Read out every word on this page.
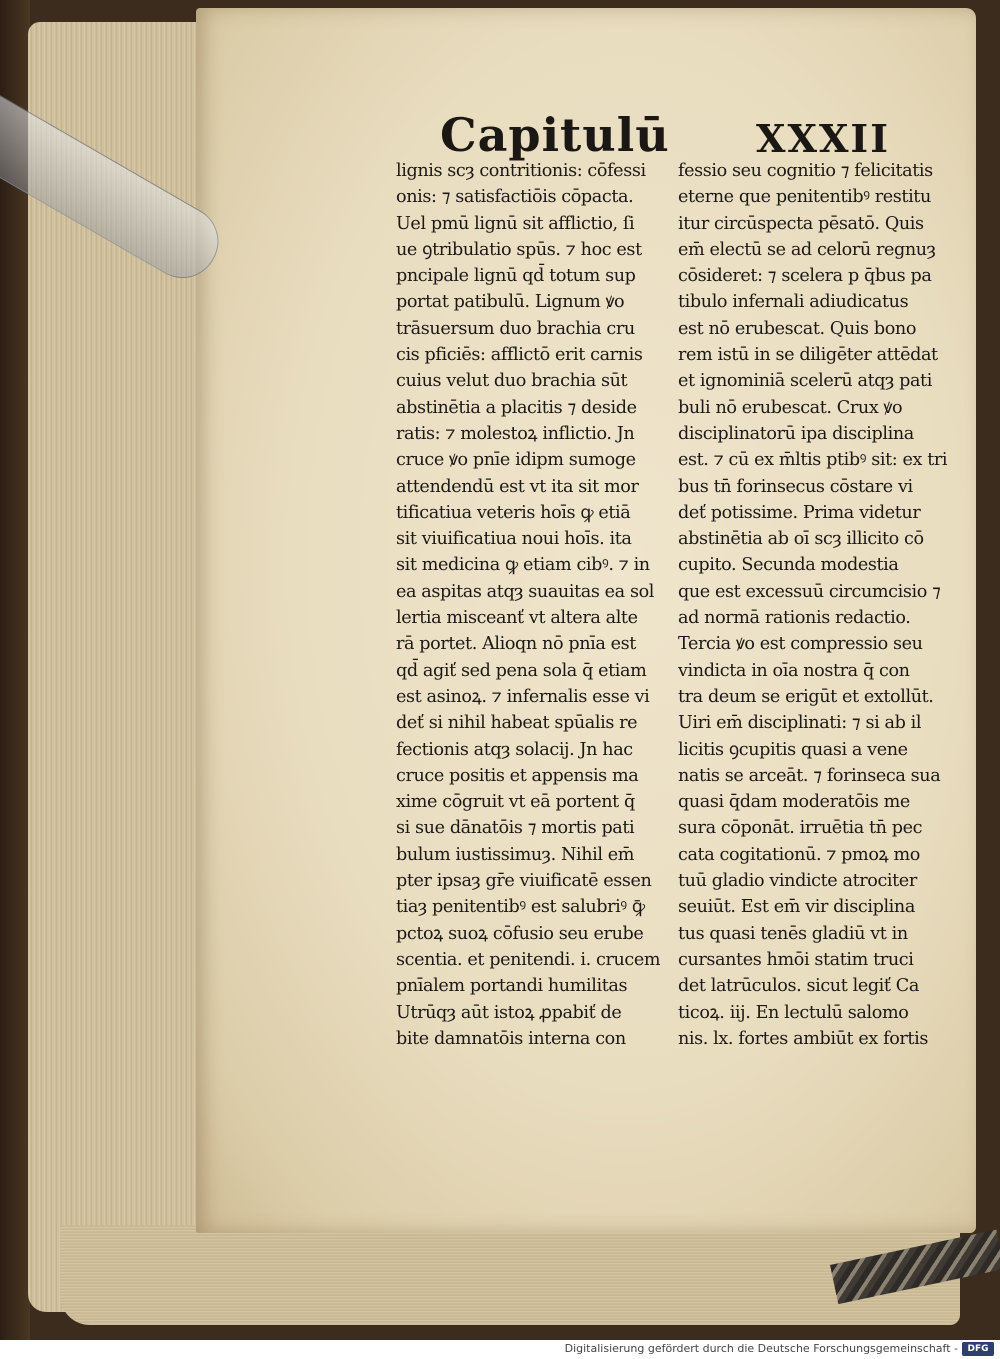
Capitulū XXXII
lignis scȝ contritionis: cōfessi
onis: ⁊ satisfactiōis cōpacta.
Uel pmū lignū sit afflictio, ſi
ue ꝯtribulatio spūs. ⁊ hoc est
pncipale lignū qd̄ totum sup
portat patibulū. Lignum ꝟo
trāsuersum duo brachia cru
cis pficiēs: afflictō erit carnis
cuius velut duo brachia sūt
abstinētia a placitis ⁊ deside
ratis: ⁊ molestoꝝ inflictio. Jn
cruce ꝟo pnīe idipm sumoge
attendendū est vt ita sit mor
tificatiua veteris hoīs ꝙ etiā
sit viuificatiua noui hoīs. ita
sit medicina ꝙ etiam cibꝰ. ⁊ in
ea aspitas atqȝ suauitas ea sol
lertia misceanť vt altera alte
rā portet. Alioqn nō pnīa est
qd̄ agiť sed pena sola q̄ etiam
est asinoꝝ. ⁊ infernalis esse vi
deť si nihil habeat spūalis re
fectionis atqȝ solacij. Jn hac
cruce positis et appensis ma
xime cōgruit vt eā portent q̄
si sue dānatōis ⁊ mortis pati
bulum iustissimuȝ. Nihil em̄
pter ipsaȝ gr̄e viuificatē essen
tiaȝ penitentibꝰ est salubriꝰ ꝙ̄
pctoꝝ suoꝝ cōfusio seu erube
scentia. et penitendi. i. crucem
pnīalem portandi humilitas
Utrūqȝ aūt istoꝝ ꝓpabiť de
bite damnatōis interna con
fessio seu cognitio ⁊ felicitatis
eterne que penitentibꝰ restitu
itur circūspecta pēsatō. Quis
em̄ electū se ad celorū regnuȝ
cōsideret: ⁊ scelera p q̄bus pa
tibulo infernali adiudicatus
est nō erubescat. Quis bono
rem istū in se diligēter attēdat
et ignominiā scelerū atqȝ pati
buli nō erubescat. Crux ꝟo
disciplinatorū ipa disciplina
est. ⁊ cū ex m̄ltis ptibꝰ sit: ex tri
bus tn̄ forinsecus cōstare vi
deť potissime. Prima videtur
abstinētia ab oī scȝ illicito cō
cupito. Secunda modestia
que est excessuū circumcisio ⁊
ad normā rationis redactio.
Tercia ꝟo est compressio seu
vindicta in oīa nostra q̄ con
tra deum se erigūt et extollūt.
Uiri em̄ disciplinati: ⁊ si ab il
licitis ꝯcupitis quasi a vene
natis se arceāt. ⁊ forinseca sua
quasi q̄dam moderatōis me
sura cōponāt. irruētia tn̄ pec
cata cogitationū. ⁊ pmoꝝ mo
tuū gladio vindicte atrociter
seuiūt. Est em̄ vir disciplina
tus quasi tenēs gladiū vt in
cursantes hmōi statim truci
det latrūculos. sicut legiť Ca
ticoꝝ. iij. En lectulū salomo
nis. lx. fortes ambiūt ex fortis
Digitalisierung gefördert durch die Deutsche Forschungsgemeinschaft -	DFG
